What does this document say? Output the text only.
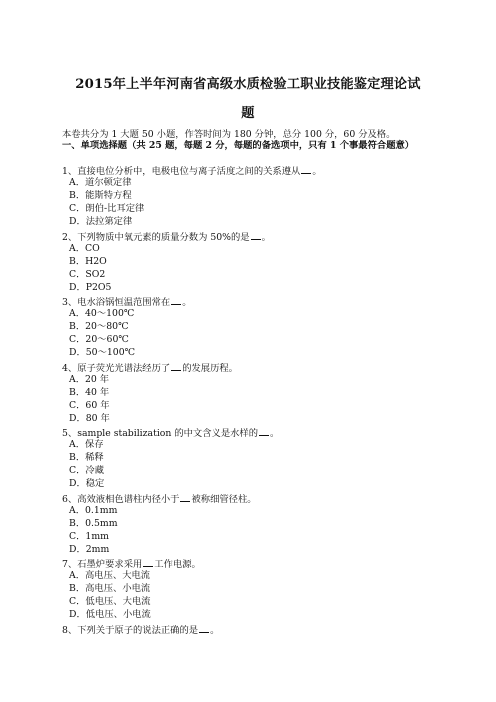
2015年上半年河南省高级水质检验工职业技能鉴定理论试
题
本卷共分为 1 大题 50 小题，作答时间为 180 分钟，总分 100 分，60 分及格。
一、单项选择题（共 25 题，每题 2 分，每题的备选项中，只有 1 个事最符合题意）
1、直接电位分析中，电极电位与离子活度之间的关系遵从 。
A．道尔顿定律
B．能斯特方程
C．朗伯-比耳定律
D．法拉第定律
2、下列物质中氧元素的质量分数为 50%的是 。
A．CO
B．H2O
C．SO2
D．P2O5
3、电水浴锅恒温范围常在 。
A．40～100℃
B．20～80℃
C．20～60℃
D．50～100℃
4、原子荧光光谱法经历了 的发展历程。
A．20 年
B．40 年
C．60 年
D．80 年
5、sample stabilization 的中文含义是水样的 。
A．保存
B．稀释
C．冷藏
D．稳定
6、高效液相色谱柱内径小于 被称细管径柱。
A．0.1mm
B．0.5mm
C．1mm
D．2mm
7、石墨炉要求采用 工作电源。
A．高电压、大电流
B．高电压、小电流
C．低电压、大电流
D．低电压、小电流
8、下列关于原子的说法正确的是 。
